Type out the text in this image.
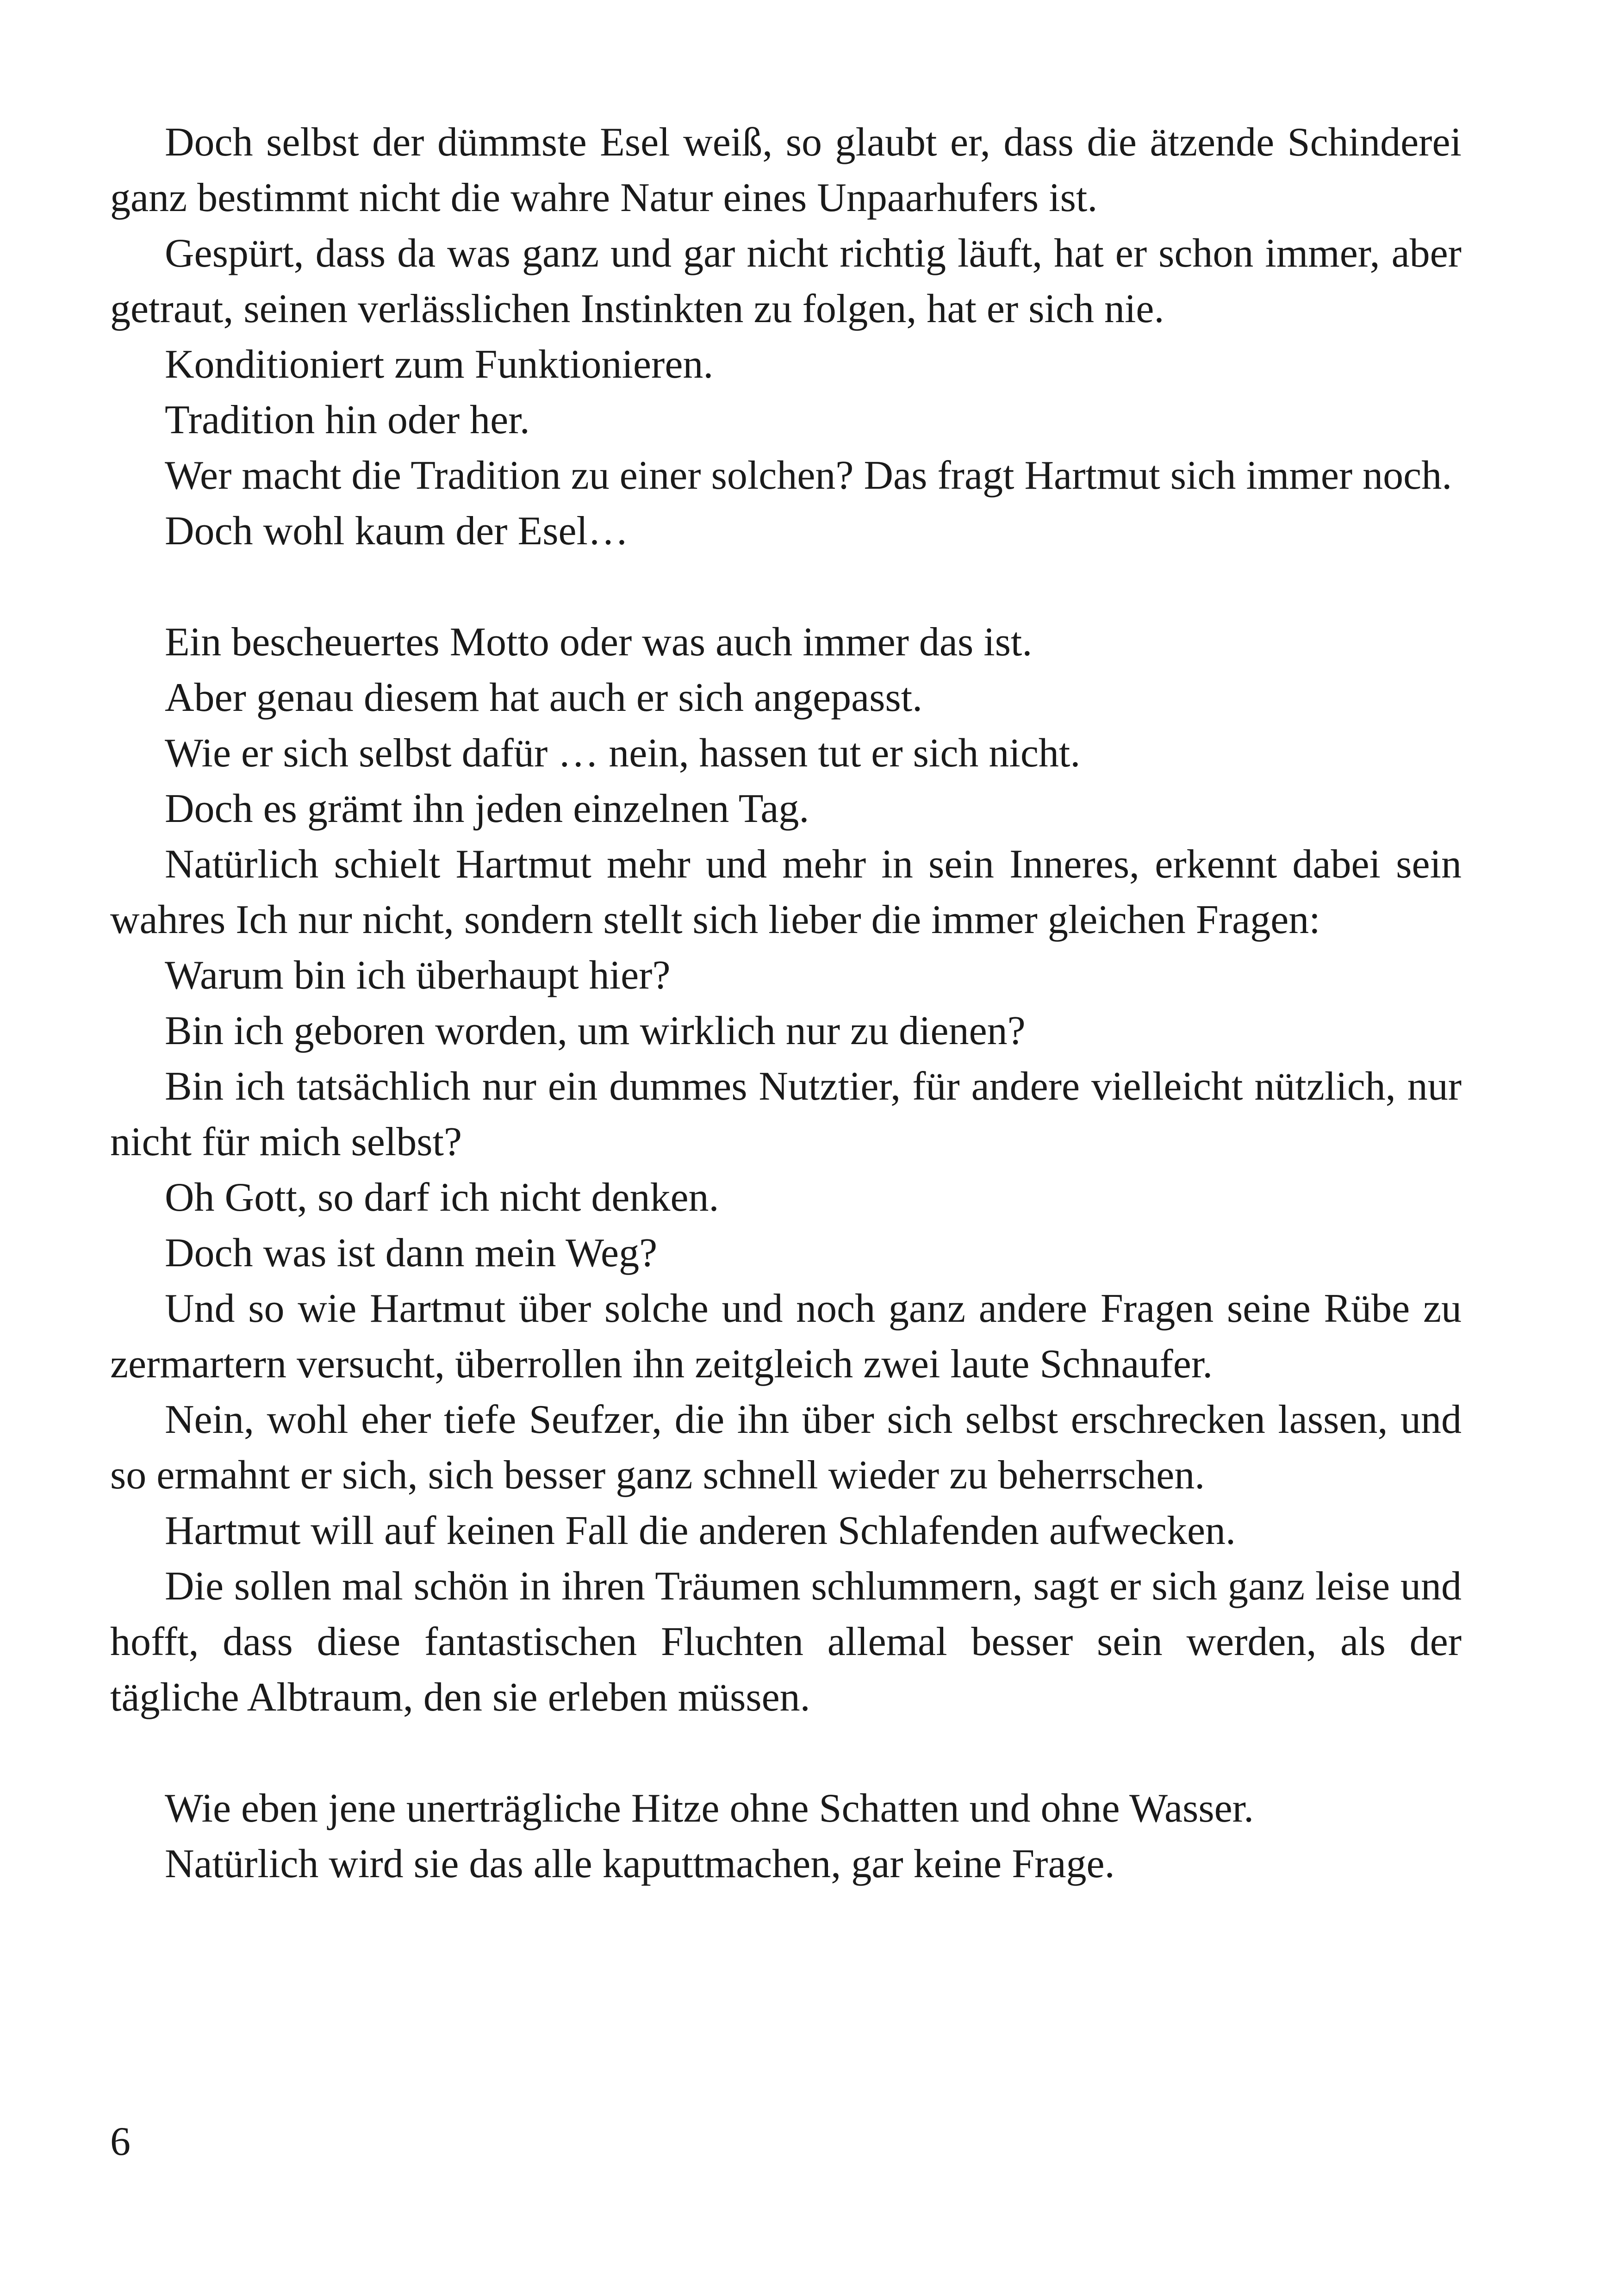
Doch selbst der dümmste Esel weiß, so glaubt er, dass die ätzende Schinderei ganz bestimmt nicht die wahre Natur eines Unpaarhufers ist.

Gespürt, dass da was ganz und gar nicht richtig läuft, hat er schon immer, aber getraut, seinen verlässlichen Instinkten zu folgen, hat er sich nie.

Konditioniert zum Funktionieren.

Tradition hin oder her.

Wer macht die Tradition zu einer solchen? Das fragt Hartmut sich immer noch.

Doch wohl kaum der Esel…

Ein bescheuertes Motto oder was auch immer das ist.

Aber genau diesem hat auch er sich angepasst.

Wie er sich selbst dafür … nein, hassen tut er sich nicht.

Doch es grämt ihn jeden einzelnen Tag.

Natürlich schielt Hartmut mehr und mehr in sein Inneres, erkennt dabei sein wahres Ich nur nicht, sondern stellt sich lieber die immer gleichen Fragen:

Warum bin ich überhaupt hier?

Bin ich geboren worden, um wirklich nur zu dienen?

Bin ich tatsächlich nur ein dummes Nutztier, für andere vielleicht nützlich, nur nicht für mich selbst?

Oh Gott, so darf ich nicht denken.

Doch was ist dann mein Weg?

Und so wie Hartmut über solche und noch ganz andere Fragen seine Rübe zu zermartern versucht, überrollen ihn zeitgleich zwei laute Schnaufer.

Nein, wohl eher tiefe Seufzer, die ihn über sich selbst erschrecken lassen, und so ermahnt er sich, sich besser ganz schnell wieder zu beherrschen.

Hartmut will auf keinen Fall die anderen Schlafenden aufwecken.

Die sollen mal schön in ihren Träumen schlummern, sagt er sich ganz leise und hofft, dass diese fantastischen Fluchten allemal besser sein werden, als der tägliche Albtraum, den sie erleben müssen.

Wie eben jene unerträgliche Hitze ohne Schatten und ohne Wasser.

Natürlich wird sie das alle kaputtmachen, gar keine Frage.

6
